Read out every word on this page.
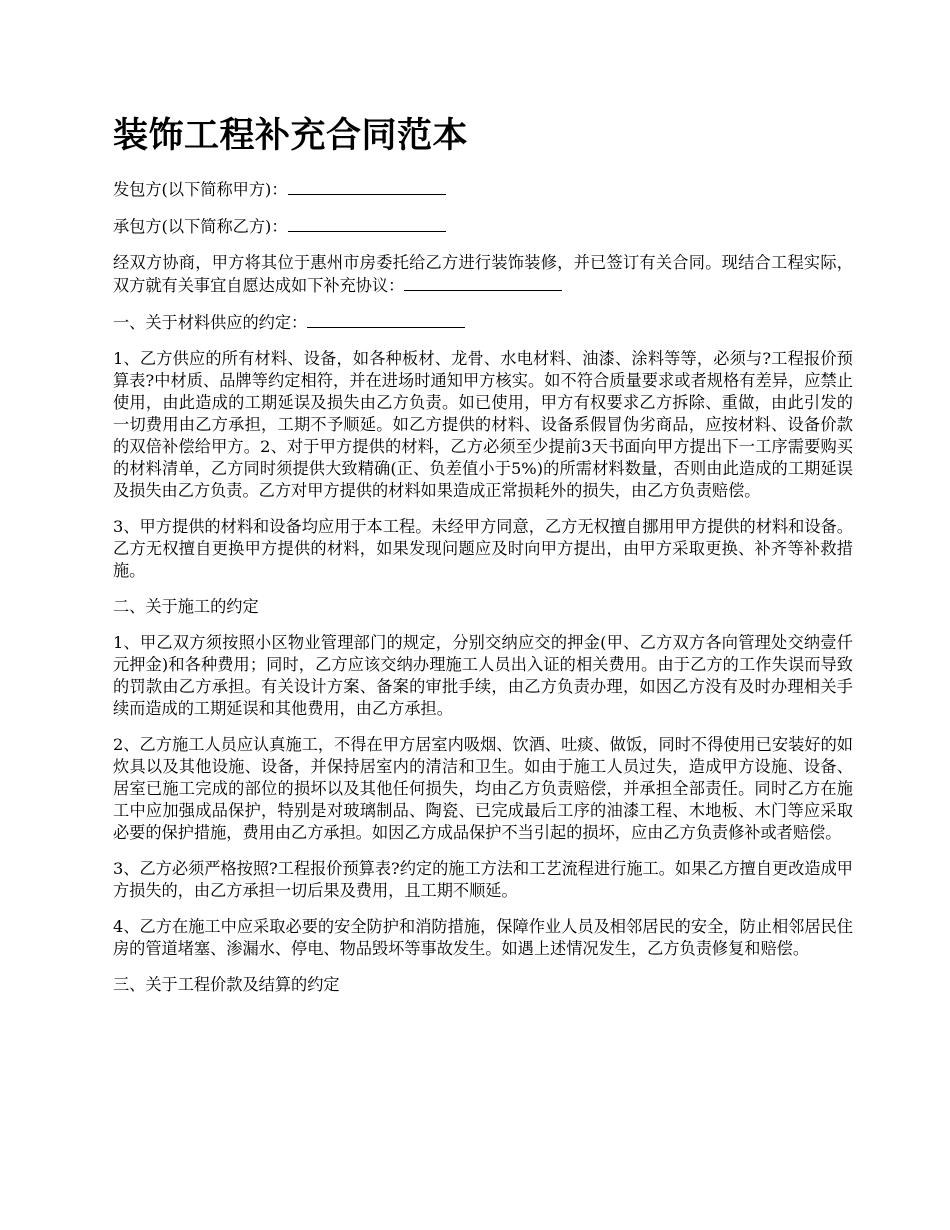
装饰工程补充合同范本

发包方(以下简称甲方)：

承包方(以下简称乙方)：

经双方协商，甲方将其位于惠州市房委托给乙方进行装饰装修，并已签订有关合同。现结合工程实际，双方就有关事宜自愿达成如下补充协议：

一、关于材料供应的约定：

1、乙方供应的所有材料、设备，如各种板材、龙骨、水电材料、油漆、涂料等等，必须与?工程报价预算表?中材质、品牌等约定相符，并在进场时通知甲方核实。如不符合质量要求或者规格有差异，应禁止使用，由此造成的工期延误及损失由乙方负责。如已使用，甲方有权要求乙方拆除、重做，由此引发的一切费用由乙方承担，工期不予顺延。如乙方提供的材料、设备系假冒伪劣商品，应按材料、设备价款的双倍补偿给甲方。2、对于甲方提供的材料，乙方必须至少提前3天书面向甲方提出下一工序需要购买的材料清单，乙方同时须提供大致精确(正、负差值小于5%)的所需材料数量，否则由此造成的工期延误及损失由乙方负责。乙方对甲方提供的材料如果造成正常损耗外的损失，由乙方负责赔偿。

3、甲方提供的材料和设备均应用于本工程。未经甲方同意，乙方无权擅自挪用甲方提供的材料和设备。乙方无权擅自更换甲方提供的材料，如果发现问题应及时向甲方提出，由甲方采取更换、补齐等补救措施。

二、关于施工的约定

1、甲乙双方须按照小区物业管理部门的规定，分别交纳应交的押金(甲、乙方双方各向管理处交纳壹仟元押金)和各种费用；同时，乙方应该交纳办理施工人员出入证的相关费用。由于乙方的工作失误而导致的罚款由乙方承担。有关设计方案、备案的审批手续，由乙方负责办理，如因乙方没有及时办理相关手续而造成的工期延误和其他费用，由乙方承担。

2、乙方施工人员应认真施工，不得在甲方居室内吸烟、饮酒、吐痰、做饭，同时不得使用已安装好的如炊具以及其他设施、设备，并保持居室内的清洁和卫生。如由于施工人员过失，造成甲方设施、设备、居室已施工完成的部位的损坏以及其他任何损失，均由乙方负责赔偿，并承担全部责任。同时乙方在施工中应加强成品保护，特别是对玻璃制品、陶瓷、已完成最后工序的油漆工程、木地板、木门等应采取必要的保护措施，费用由乙方承担。如因乙方成品保护不当引起的损坏，应由乙方负责修补或者赔偿。

3、乙方必须严格按照?工程报价预算表?约定的施工方法和工艺流程进行施工。如果乙方擅自更改造成甲方损失的，由乙方承担一切后果及费用，且工期不顺延。

4、乙方在施工中应采取必要的安全防护和消防措施，保障作业人员及相邻居民的安全，防止相邻居民住房的管道堵塞、渗漏水、停电、物品毁坏等事故发生。如遇上述情况发生，乙方负责修复和赔偿。

三、关于工程价款及结算的约定
